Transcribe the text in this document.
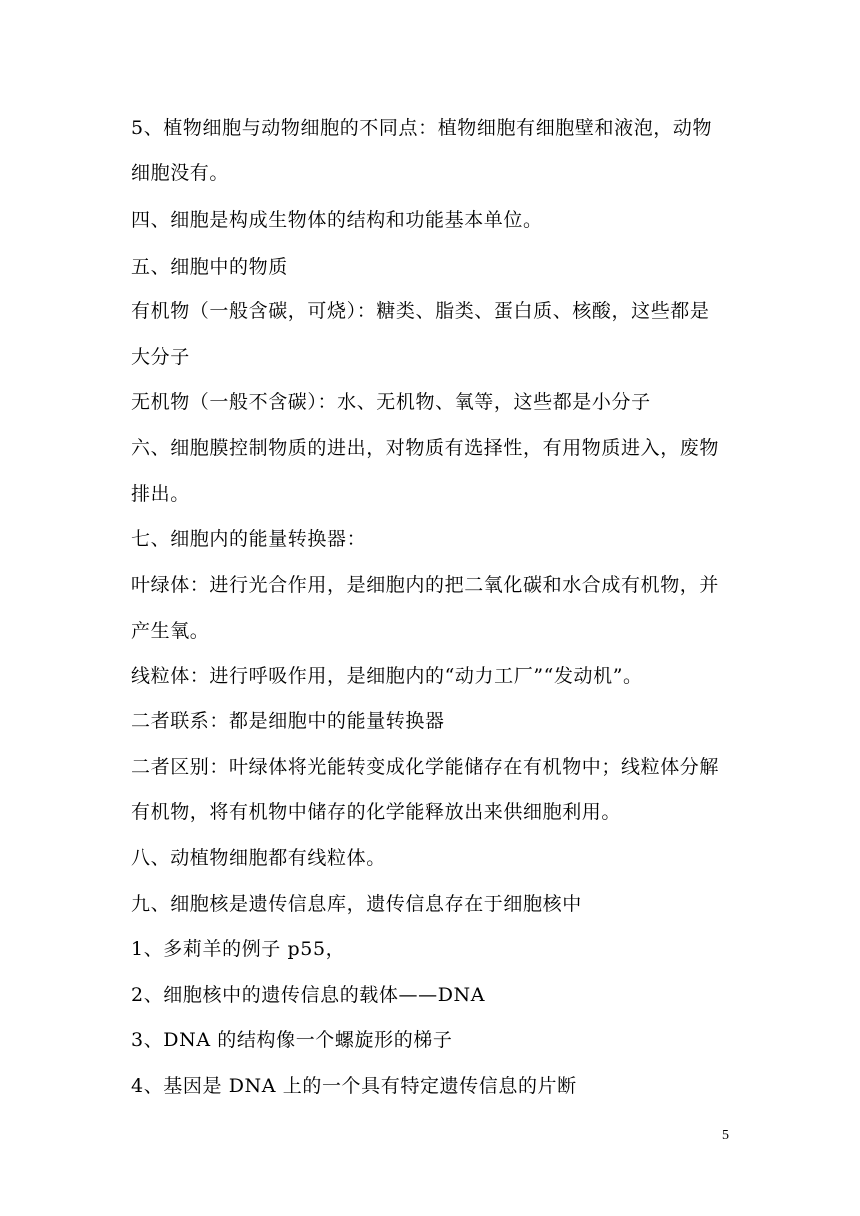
5、植物细胞与动物细胞的不同点：植物细胞有细胞壁和液泡，动物
细胞没有。
四、细胞是构成生物体的结构和功能基本单位。
五、细胞中的物质
有机物（一般含碳，可烧）：糖类、脂类、蛋白质、核酸，这些都是
大分子
无机物（一般不含碳）：水、无机物、氧等，这些都是小分子
六、细胞膜控制物质的进出，对物质有选择性，有用物质进入，废物
排出。
七、细胞内的能量转换器：
叶绿体：进行光合作用，是细胞内的把二氧化碳和水合成有机物，并
产生氧。
线粒体：进行呼吸作用，是细胞内的“动力工厂”“发动机”。
二者联系：都是细胞中的能量转换器
二者区别：叶绿体将光能转变成化学能储存在有机物中；线粒体分解
有机物，将有机物中储存的化学能释放出来供细胞利用。
八、动植物细胞都有线粒体。
九、细胞核是遗传信息库，遗传信息存在于细胞核中
1、多莉羊的例子 p55，
2、细胞核中的遗传信息的载体——DNA
3、DNA 的结构像一个螺旋形的梯子
4、基因是 DNA 上的一个具有特定遗传信息的片断
5
